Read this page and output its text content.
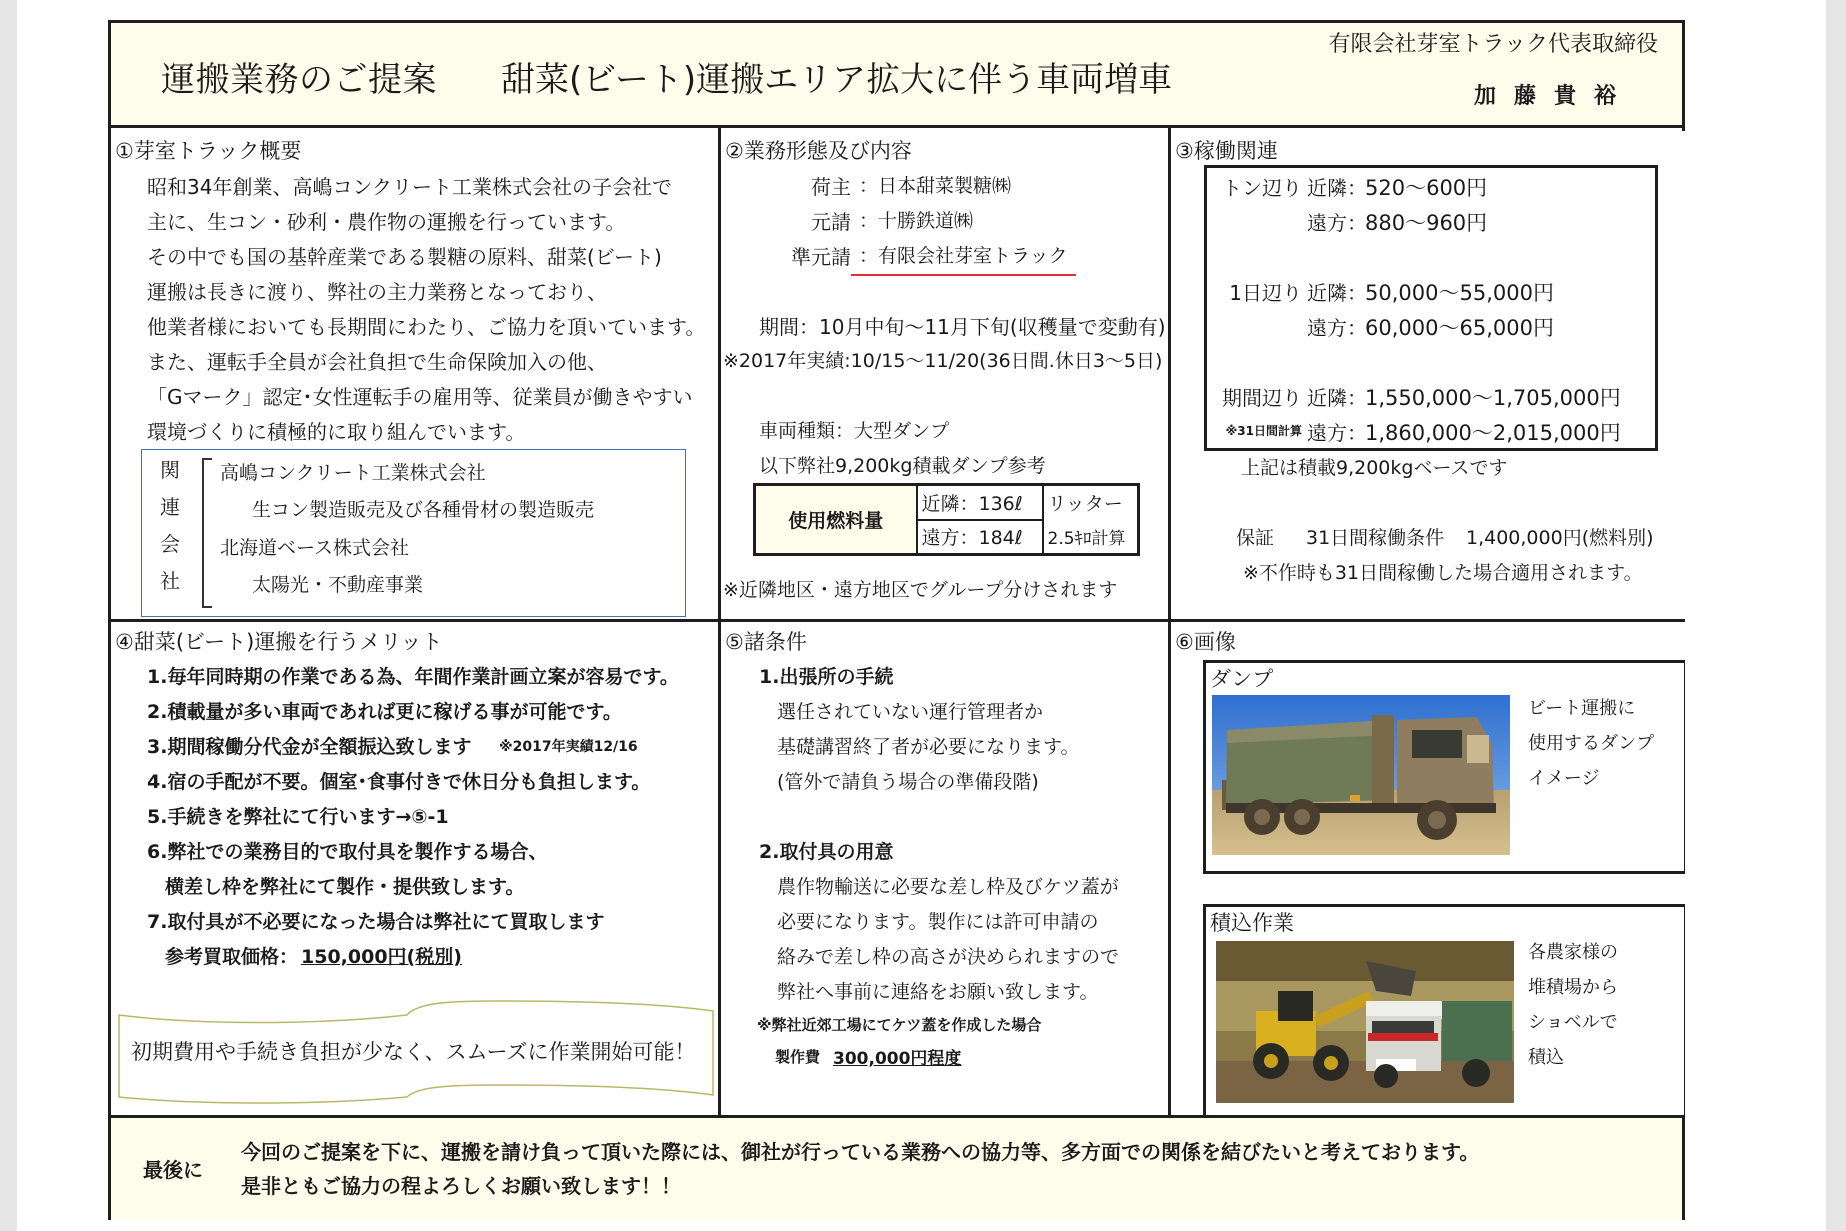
運搬業務のご提案 甜菜(ビート)運搬エリア拡大に伴う車両増車
有限会社芽室トラック代表取締役
加藤貴裕
①芽室トラック概要
昭和34年創業、高嶋コンクリート工業株式会社の子会社で
主に、生コン・砂利・農作物の運搬を行っています。
その中でも国の基幹産業である製糖の原料、甜菜(ビート)
運搬は長きに渡り、弊社の主力業務となっており、
他業者様においても長期間にわたり、ご協力を頂いています。
また、運転手全員が会社負担で生命保険加入の他、
「Gマーク」認定･女性運転手の雇用等、従業員が働きやすい
環境づくりに積極的に取り組んでいます。
関
連
会
社
高嶋コンクリート工業株式会社
生コン製造販売及び各種骨材の製造販売
北海道ベース株式会社
太陽光・不動産事業
②業務形態及び内容
荷主 ：日本甜菜製糖㈱
元請 ：十勝鉄道㈱
準元請 ：有限会社芽室トラック
期間：10月中旬～11月下旬(収穫量で変動有)
※2017年実績:10/15～11/20(36日間.休日3～5日)
車両種類：大型ダンプ
以下弊社9,200kg積載ダンプ参考
使用燃料量	近隣：136ℓ	リッター
	遠方：184ℓ	2.5ｷﾛ計算
※近隣地区・遠方地区でグループ分けされます
③稼働関連
トン辺り 近隣：
520～600円
遠方：
880～960円
1日辺り 近隣：
50,000～55,000円
遠方：
60,000～65,000円
期間辺り 近隣：
1,550,000～1,705,000円
※31日間計算 遠方：
1,860,000～2,015,000円
上記は積載9,200kgベースです
保証 31日間稼働条件 1,400,000円(燃料別)
※不作時も31日間稼働した場合適用されます。
④甜菜(ビート)運搬を行うメリット
1.毎年同時期の作業である為、年間作業計画立案が容易です。
2.積載量が多い車両であれば更に稼げる事が可能です。
3.期間稼働分代金が全額振込致します ※2017年実績12/16
4.宿の手配が不要。個室･食事付きで休日分も負担します。
5.手続きを弊社にて行います→⑤-1
6.弊社での業務目的で取付具を製作する場合、
横差し枠を弊社にて製作・提供致します。
7.取付具が不必要になった場合は弊社にて買取します
参考買取価格： 150,000円(税別)
初期費用や手続き負担が少なく、スムーズに作業開始可能！
⑤諸条件
1.出張所の手続
選任されていない運行管理者か
基礎講習終了者が必要になります。
(管外で請負う場合の準備段階)
2.取付具の用意
農作物輸送に必要な差し枠及びケツ蓋が
必要になります。製作には許可申請の
絡みで差し枠の高さが決められますので
弊社へ事前に連絡をお願い致します。
※弊社近郊工場にてケツ蓋を作成した場合
製作費 300,000円程度
⑥画像
ダンプ
ビート運搬に
使用するダンプ
イメージ
積込作業
各農家様の
堆積場から
ショベルで
積込
最後に
今回のご提案を下に、運搬を請け負って頂いた際には、御社が行っている業務への協力等、多方面での関係を結びたいと考えております。
是非ともご協力の程よろしくお願い致します！！
